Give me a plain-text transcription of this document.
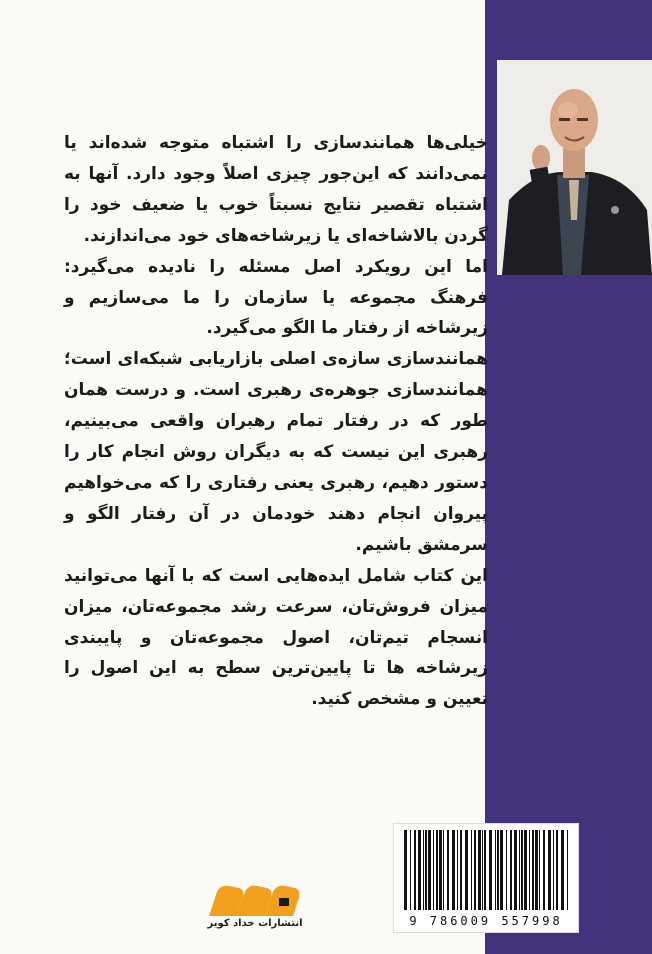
خیلی‌ها همانندسازی را اشتباه متوجه شده‌اند یا نمی‌دانند که این‌جور چیزی اصلاً وجود دارد. آنها به اشتباه تقصیر نتایج نسبتاً خوب یا ضعیف خود را گردن بالاشاخه‌ای یا زیرشاخه‌های خود می‌اندازند.

اما این رویکرد اصل مسئله را نادیده می‌گیرد: فرهنگ مجموعه یا سازمان را ما می‌سازیم و زیرشاخه از رفتار ما الگو می‌گیرد.

همانندسازی سازه‌ی اصلی بازاریابی شبکه‌ای است؛ همانندسازی جوهره‌ی رهبری است. و درست همان طور که در رفتار تمام رهبران واقعی می‌بینیم، رهبری این نیست که به دیگران روش انجام کار را دستور دهیم، رهبری یعنی رفتاری را که می‌خواهیم پیروان انجام دهند خودمان در آن رفتار الگو و سرمشق باشیم.

این کتاب شامل ایده‌هایی است که با آنها می‌توانید میزان فروش‌تان، سرعت رشد مجموعه‌تان، میزان انسجام تیم‌تان، اصول مجموعه‌تان و پایبندی زیرشاخه ها تا پایین‌ترین سطح به این اصول را تعیین و مشخص کنید.

انتشارات خداد کویر	9 786009 557998
